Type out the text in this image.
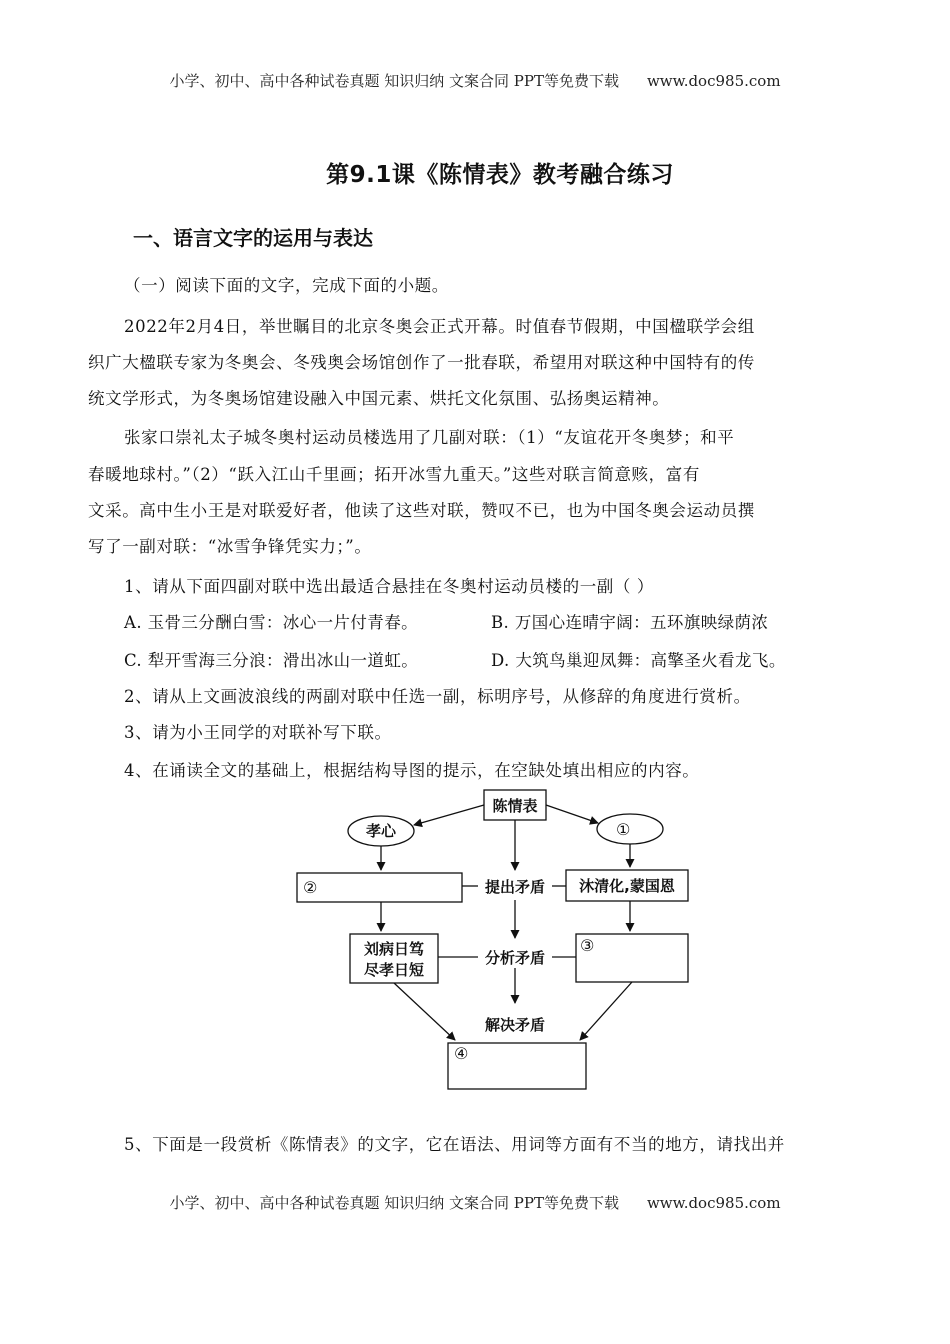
小学、初中、高中各种试卷真题 知识归纳 文案合同 PPT等免费下载 www.doc985.com
第9.1课《陈情表》教考融合练习
一、语言文字的运用与表达
（一）阅读下面的文字，完成下面的小题。
2022年2月4日，举世瞩目的北京冬奥会正式开幕。时值春节假期，中国楹联学会组
织广大楹联专家为冬奥会、冬残奥会场馆创作了一批春联，希望用对联这种中国特有的传
统文学形式，为冬奥场馆建设融入中国元素、烘托文化氛围、弘扬奥运精神。
张家口崇礼太子城冬奥村运动员楼选用了几副对联：（1）“友谊花开冬奥梦；和平
春暖地球村。”（2）“跃入江山千里画；拓开冰雪九重天。”这些对联言简意赅，富有
文采。高中生小王是对联爱好者，他读了这些对联，赞叹不已，也为中国冬奥会运动员撰
写了一副对联：“冰雪争锋凭实力；”。
1、请从下面四副对联中选出最适合悬挂在冬奥村运动员楼的一副（ ）
A. 玉骨三分酬白雪：冰心一片付青春。	B. 万国心连晴宇阔：五环旗映绿荫浓
C. 犁开雪海三分浪：滑出冰山一道虹。	D. 大筑鸟巢迎凤舞：高擎圣火看龙飞。
2、请从上文画波浪线的两副对联中任选一副，标明序号，从修辞的角度进行赏析。
3、请为小王同学的对联补写下联。
4、在诵读全文的基础上，根据结构导图的提示，在空缺处填出相应的内容。
陈情表
孝心	①
②	沐清化,蒙国恩
刘病日笃
尽孝日短
③
④
提出矛盾
分析矛盾
解决矛盾
5、下面是一段赏析《陈情表》的文字，它在语法、用词等方面有不当的地方，请找出并
小学、初中、高中各种试卷真题 知识归纳 文案合同 PPT等免费下载 www.doc985.com
